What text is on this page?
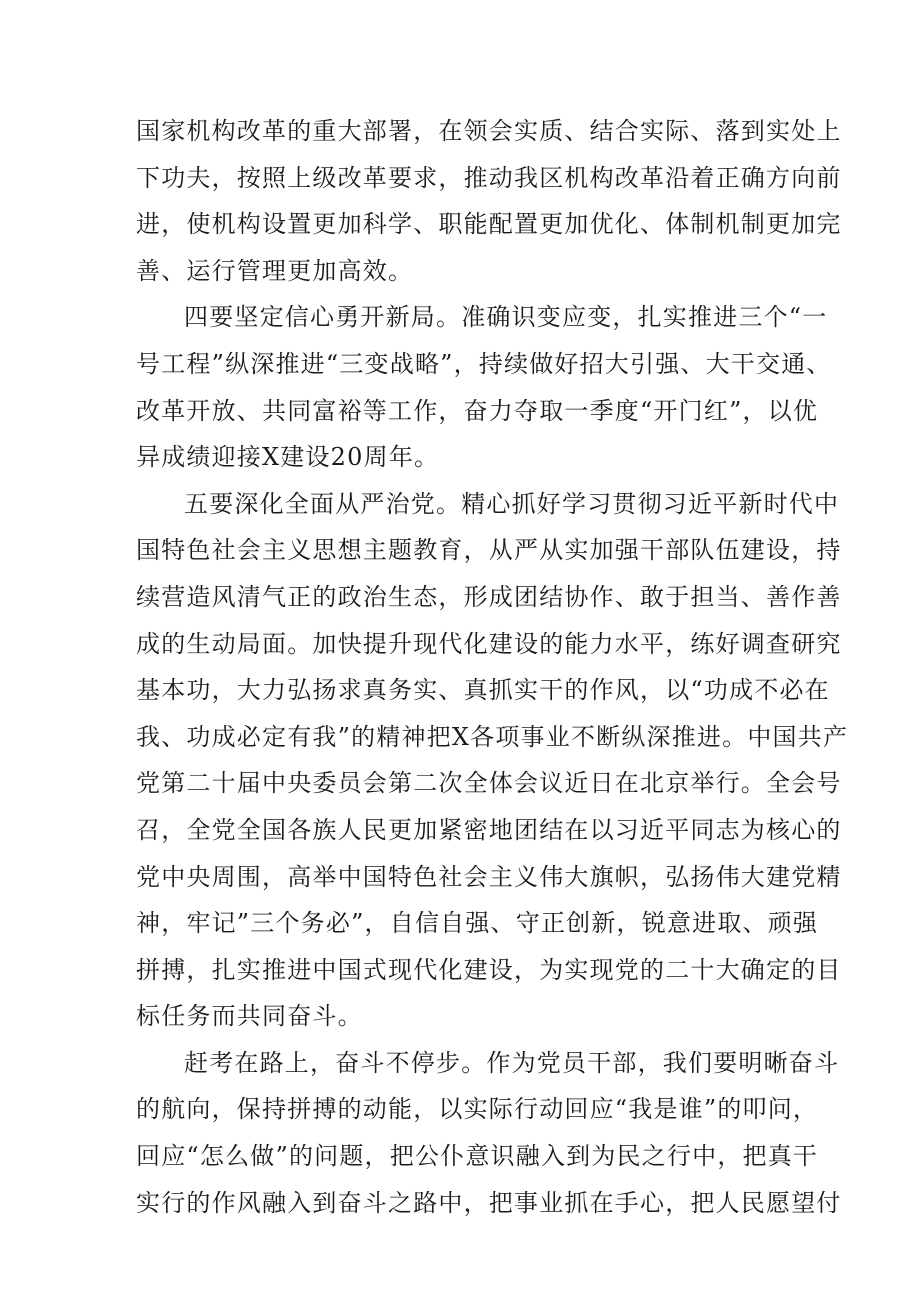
国家机构改革的重大部署，在领会实质、结合实际、落到实处上
下功夫，按照上级改革要求，推动我区机构改革沿着正确方向前
进，使机构设置更加科学、职能配置更加优化、体制机制更加完
善、运行管理更加高效。
四要坚定信心勇开新局。准确识变应变，扎实推进三个“一
号工程”纵深推进“三变战略”，持续做好招大引强、大干交通、
改革开放、共同富裕等工作，奋力夺取一季度“开门红”，以优
异成绩迎接X建设20周年。
五要深化全面从严治党。精心抓好学习贯彻习近平新时代中
国特色社会主义思想主题教育，从严从实加强干部队伍建设，持
续营造风清气正的政治生态，形成团结协作、敢于担当、善作善
成的生动局面。加快提升现代化建设的能力水平，练好调查研究
基本功，大力弘扬求真务实、真抓实干的作风，以“功成不必在
我、功成必定有我”的精神把X各项事业不断纵深推进。中国共产
党第二十届中央委员会第二次全体会议近日在北京举行。全会号
召，全党全国各族人民更加紧密地团结在以习近平同志为核心的
党中央周围，高举中国特色社会主义伟大旗帜，弘扬伟大建党精
神，牢记”三个务必”，自信自强、守正创新，锐意进取、顽强
拼搏，扎实推进中国式现代化建设，为实现党的二十大确定的目
标任务而共同奋斗。
赶考在路上，奋斗不停步。作为党员干部，我们要明晰奋斗
的航向，保持拼搏的动能，以实际行动回应“我是谁”的叩问，
回应“怎么做”的问题，把公仆意识融入到为民之行中，把真干
实行的作风融入到奋斗之路中，把事业抓在手心，把人民愿望付
